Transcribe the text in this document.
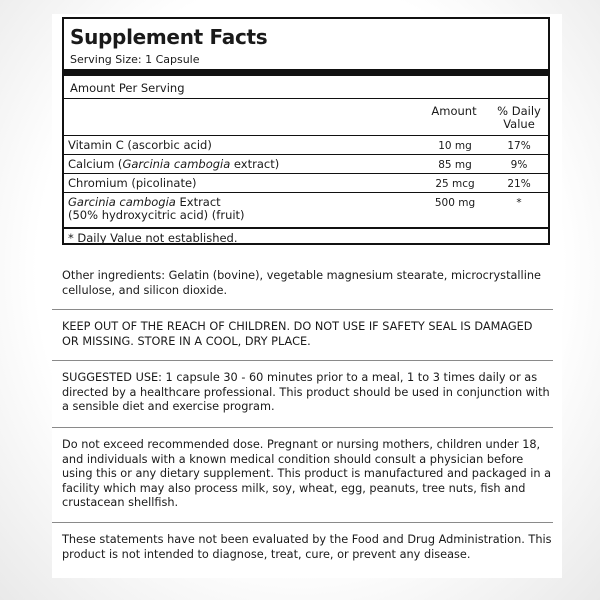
Supplement Facts
Serving Size: 1 Capsule
Amount Per Serving
Amount	% Daily
Value
Vitamin C (ascorbic acid)	10 mg	17%
Calcium (Garcinia cambogia extract)	85 mg	9%
Chromium (picolinate)	25 mcg	21%
Garcinia cambogia Extract
(50% hydroxycitric acid) (fruit)
500 mg	*
* Daily Value not established.

Other ingredients: Gelatin (bovine), vegetable magnesium stearate, microcrystalline cellulose, and silicon dioxide.

KEEP OUT OF THE REACH OF CHILDREN. DO NOT USE IF SAFETY SEAL IS DAMAGED OR MISSING. STORE IN A COOL, DRY PLACE.

SUGGESTED USE: 1 capsule 30 - 60 minutes prior to a meal, 1 to 3 times daily or as directed by a healthcare professional. This product should be used in conjunction with a sensible diet and exercise program.

Do not exceed recommended dose. Pregnant or nursing mothers, children under 18, and individuals with a known medical condition should consult a physician before using this or any dietary supplement. This product is manufactured and packaged in a facility which may also process milk, soy, wheat, egg, peanuts, tree nuts, fish and crustacean shellfish.

These statements have not been evaluated by the Food and Drug Administration. This product is not intended to diagnose, treat, cure, or prevent any disease.
